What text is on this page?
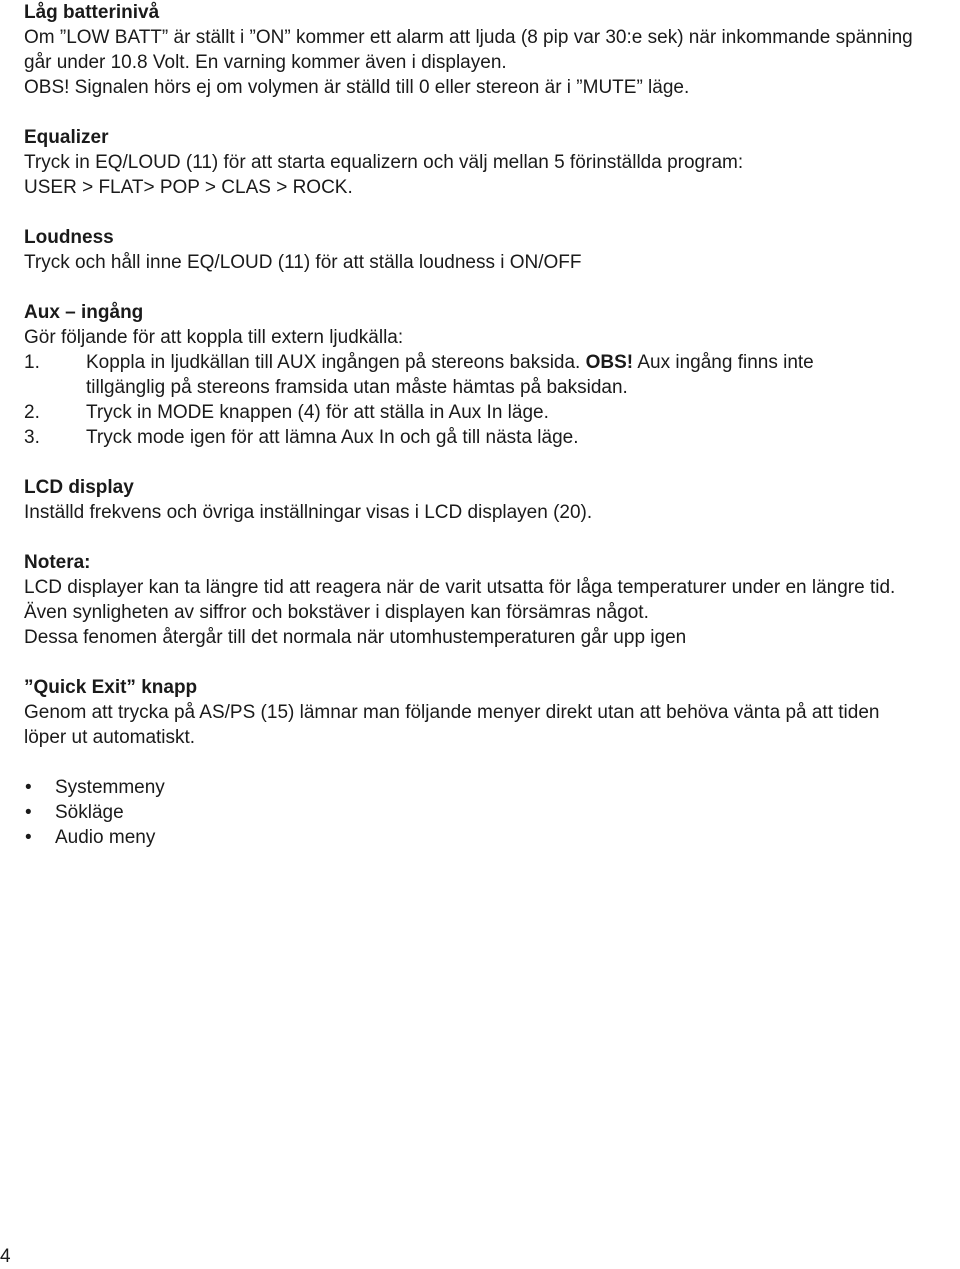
Låg batterinivå
Om ”LOW BATT” är ställt i ”ON” kommer ett alarm att ljuda (8 pip var 30:e sek) när inkommande spänning
går under 10.8 Volt. En varning kommer även i displayen.
OBS! Signalen hörs ej om volymen är ställd till 0 eller stereon är i ”MUTE” läge.
Equalizer
Tryck in EQ/LOUD (11) för att starta equalizern och välj mellan 5 förinställda program:
USER > FLAT> POP > CLAS > ROCK.
Loudness
Tryck och håll inne EQ/LOUD (11) för att ställa loudness i ON/OFF
Aux – ingång
Gör följande för att koppla till extern ljudkälla:
1. Koppla in ljudkällan till AUX ingången på stereons baksida. OBS! Aux ingång finns inte
tillgänglig på stereons framsida utan måste hämtas på baksidan.
2. Tryck in MODE knappen (4) för att ställa in Aux In läge.
3. Tryck mode igen för att lämna Aux In och gå till nästa läge.
LCD display
Inställd frekvens och övriga inställningar visas i LCD displayen (20).
Notera:
LCD displayer kan ta längre tid att reagera när de varit utsatta för låga temperaturer under en längre tid.
Även synligheten av siffror och bokstäver i displayen kan försämras något.
Dessa fenomen återgår till det normala när utomhustemperaturen går upp igen
”Quick Exit” knapp
Genom att trycka på AS/PS (15) lämnar man följande menyer direkt utan att behöva vänta på att tiden
löper ut automatiskt.
• Systemmeny
• Sökläge
• Audio meny
4
